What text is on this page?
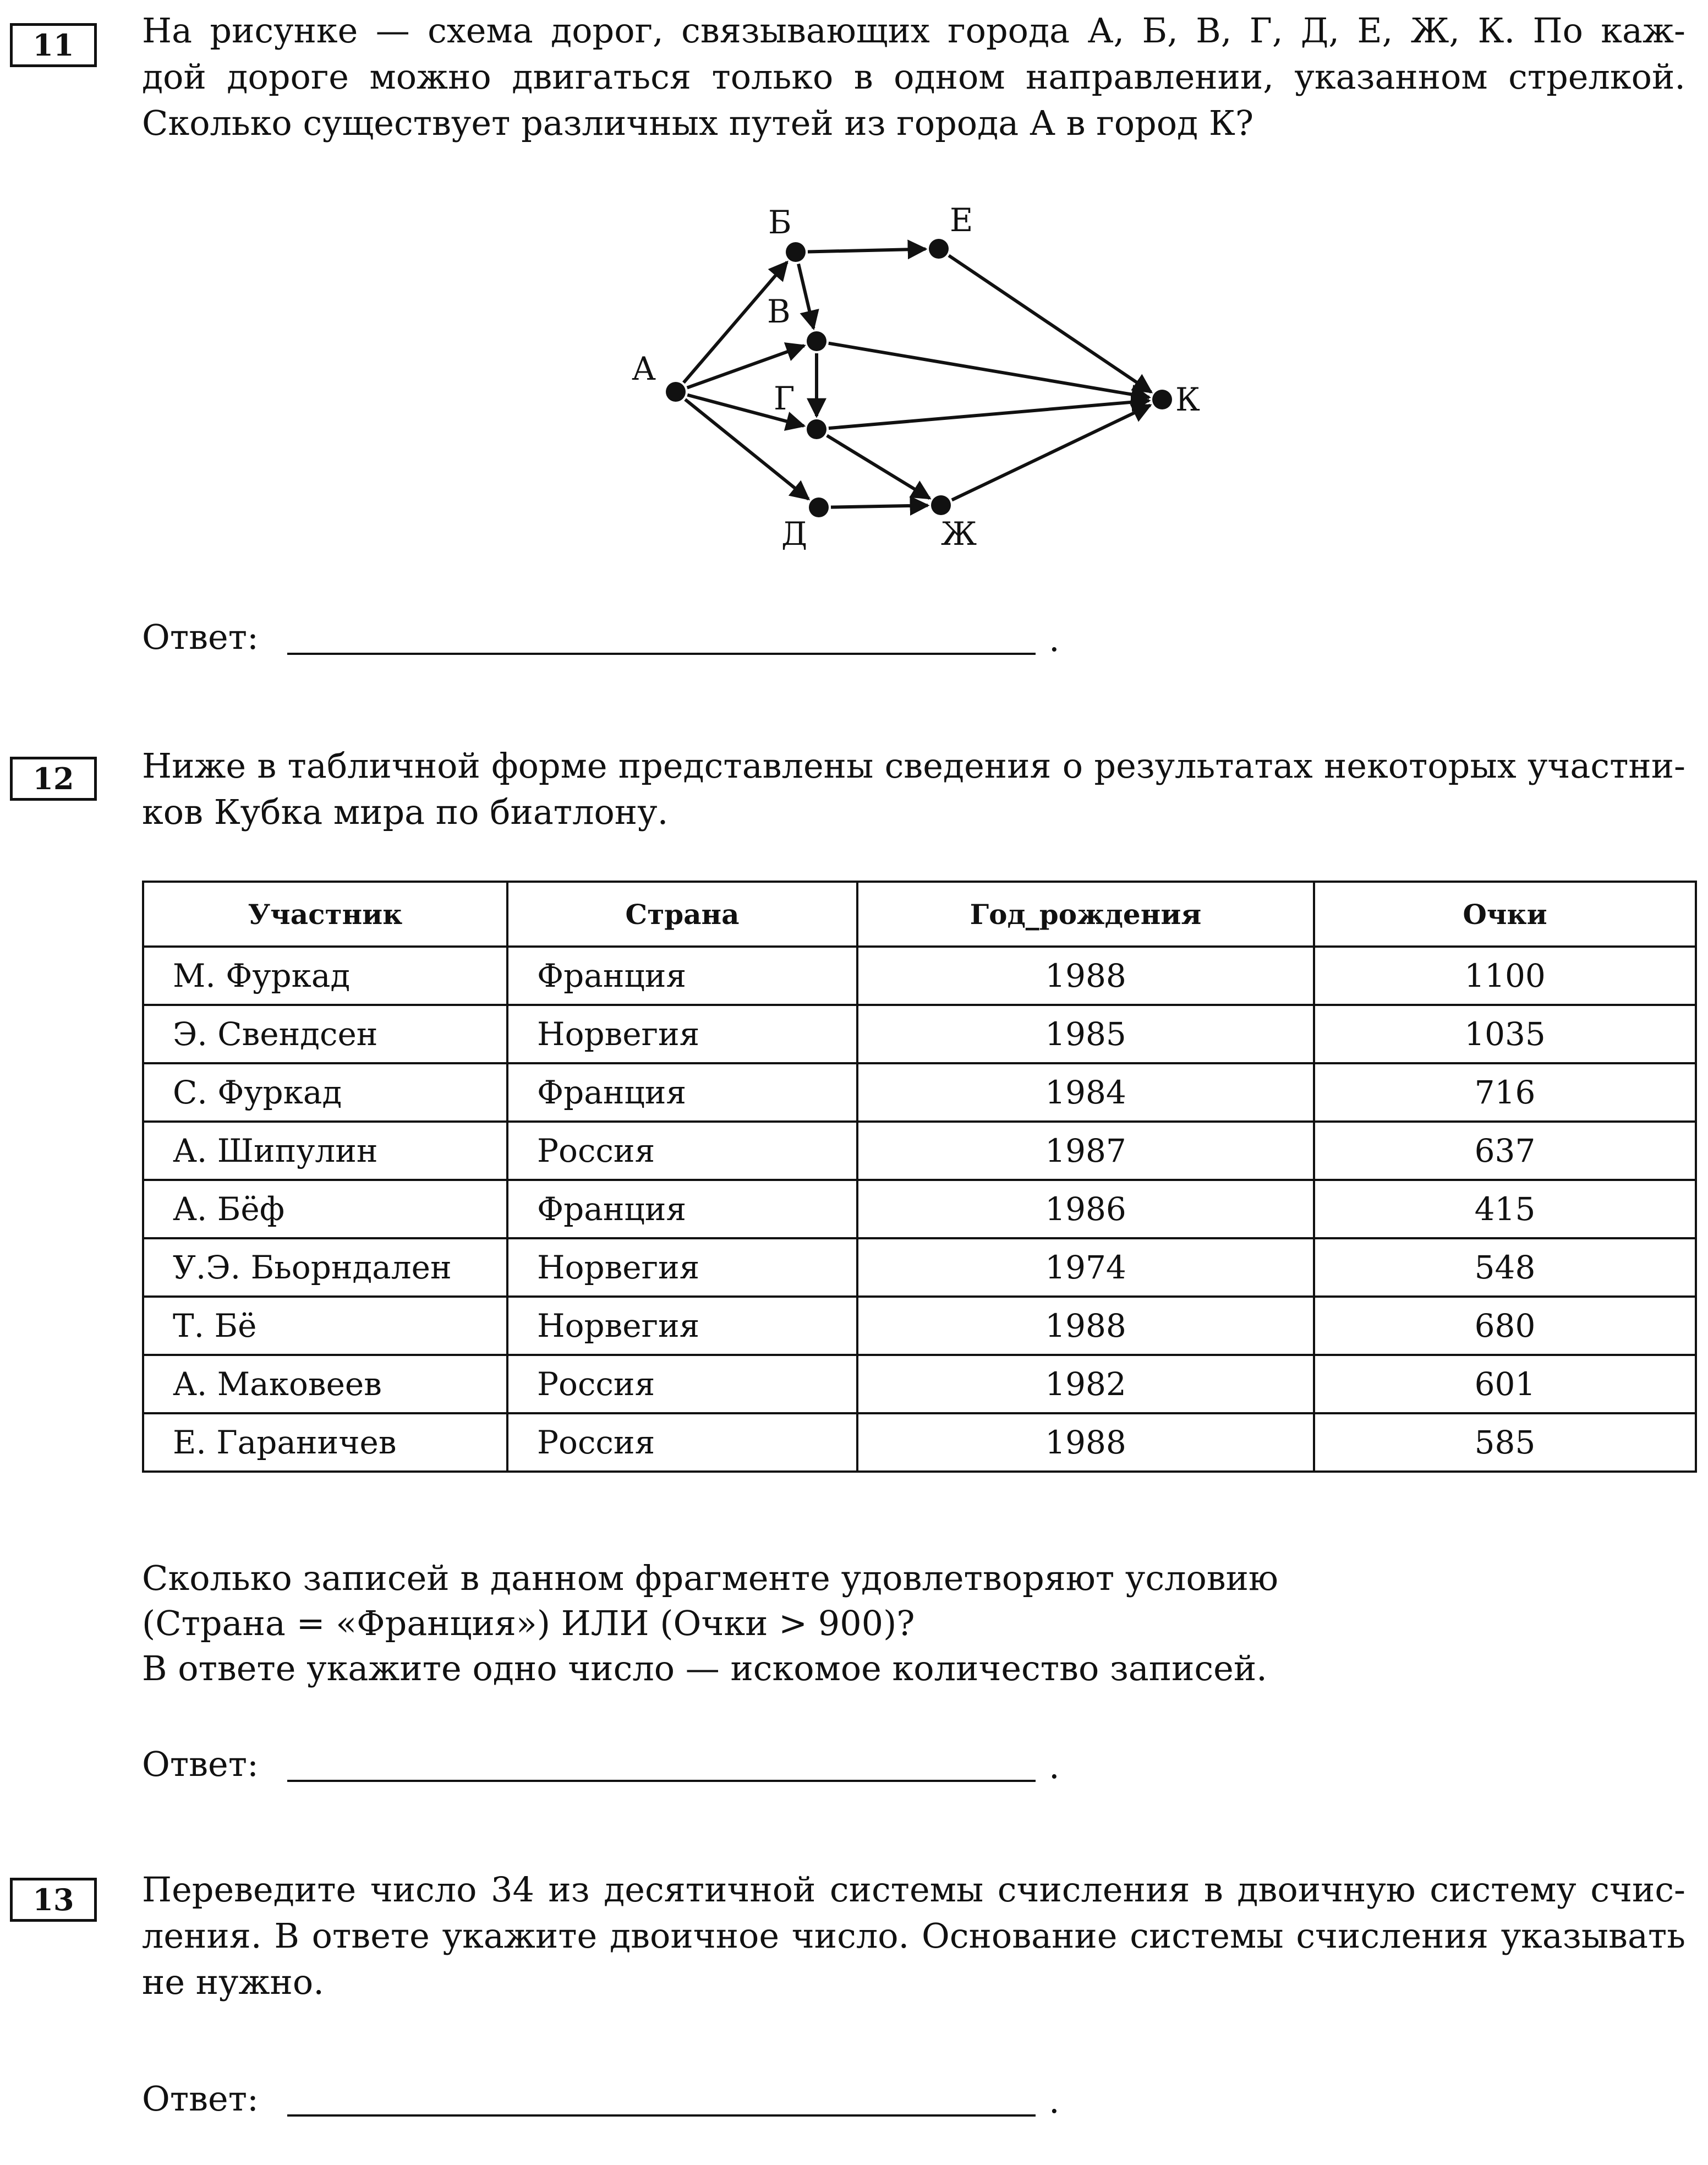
11	На рисунке — схема дорог, связывающих города А, Б, В, Г, Д, Е, Ж, К. По каж-
дой дороге можно двигаться только в одном направлении, указанном стрелкой.
Сколько существует различных путей из города А в город К?
А
Б
В
Г
Д
Е
Ж
К
Ответ:	.
12	Ниже в табличной форме представлены сведения о результатах некоторых участни-
ков Кубка мира по биатлону.
Участник	Страна	Год_рождения	Очки
М. Фуркад	Франция	1988	1100
Э. Свендсен	Норвегия	1985	1035
С. Фуркад	Франция	1984	716
А. Шипулин	Россия	1987	637
А. Бёф	Франция	1986	415
У.Э. Бьорндален	Норвегия	1974	548
Т. Бё	Норвегия	1988	680
А. Маковеев	Россия	1982	601
Е. Гараничев	Россия	1988	585
Сколько записей в данном фрагменте удовлетворяют условию
(Страна = «Франция») ИЛИ (Очки > 900)?
В ответе укажите одно число — искомое количество записей.
Ответ:	.
13	Переведите число 34 из десятичной системы счисления в двоичную систему счис-
ления. В ответе укажите двоичное число. Основание системы счисления указывать
не нужно.
Ответ:	.
